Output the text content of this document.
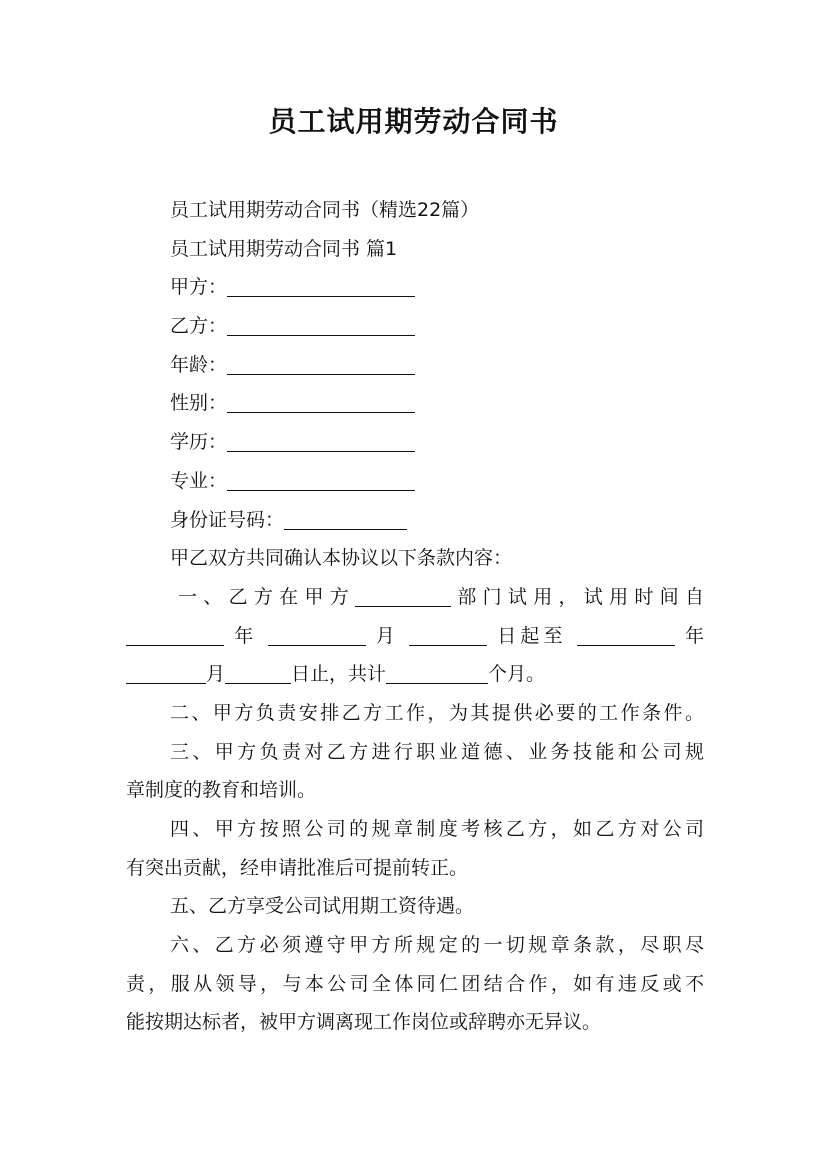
员工试用期劳动合同书
员工试用期劳动合同书（精选22篇）
员工试用期劳动合同书 篇1
甲方：
乙方：
年龄：
性别：
学历：
专业：
身份证号码：
甲乙双方共同确认本协议以下条款内容：
一、乙方在甲方	部门试用，试用时间自
年	月	日起至	年
月	日止，共计	个月。
二、甲方负责安排乙方工作，为其提供必要的工作条件。
三、甲方负责对乙方进行职业道德、业务技能和公司规
章制度的教育和培训。
四、甲方按照公司的规章制度考核乙方，如乙方对公司
有突出贡献，经申请批准后可提前转正。
五、乙方享受公司试用期工资待遇。
六、乙方必须遵守甲方所规定的一切规章条款，尽职尽
责，服从领导，与本公司全体同仁团结合作，如有违反或不
能按期达标者，被甲方调离现工作岗位或辞聘亦无异议。
